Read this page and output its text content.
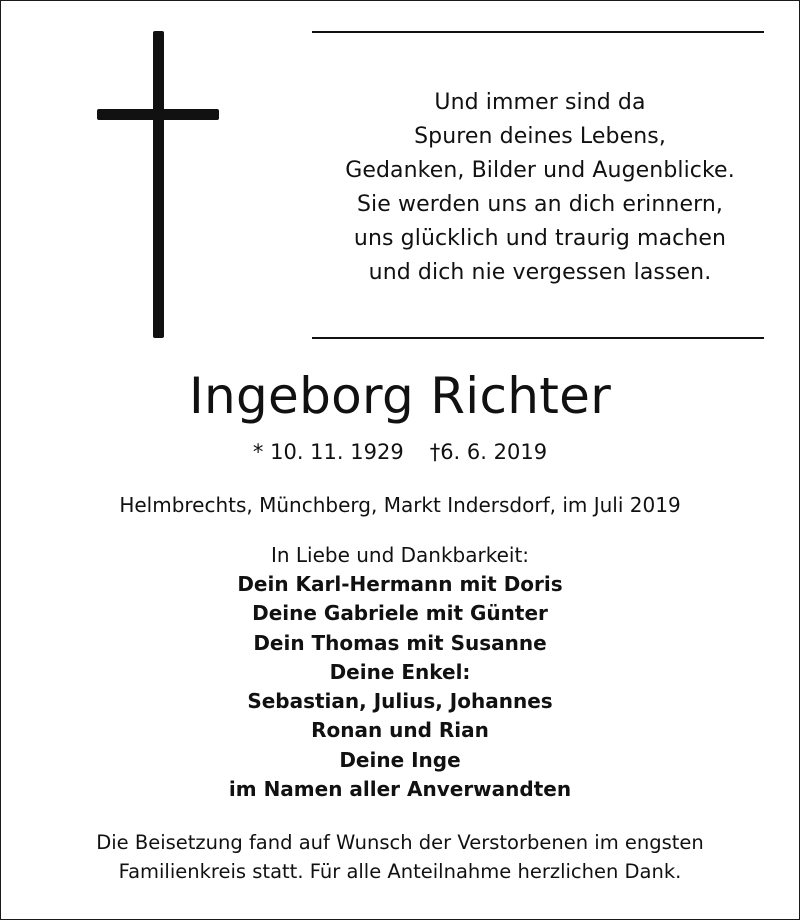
Und immer sind da
Spuren deines Lebens,
Gedanken, Bilder und Augenblicke.
Sie werden uns an dich erinnern,
uns glücklich und traurig machen
und dich nie vergessen lassen.
Ingeborg Richter
* 10. 11. 1929 †6. 6. 2019
Helmbrechts, Münchberg, Markt Indersdorf, im Juli 2019
In Liebe und Dankbarkeit:
Dein Karl-Hermann mit Doris
Deine Gabriele mit Günter
Dein Thomas mit Susanne
Deine Enkel:
Sebastian, Julius, Johannes
Ronan und Rian
Deine Inge
im Namen aller Anverwandten
Die Beisetzung fand auf Wunsch der Verstorbenen im engsten
Familienkreis statt. Für alle Anteilnahme herzlichen Dank.
